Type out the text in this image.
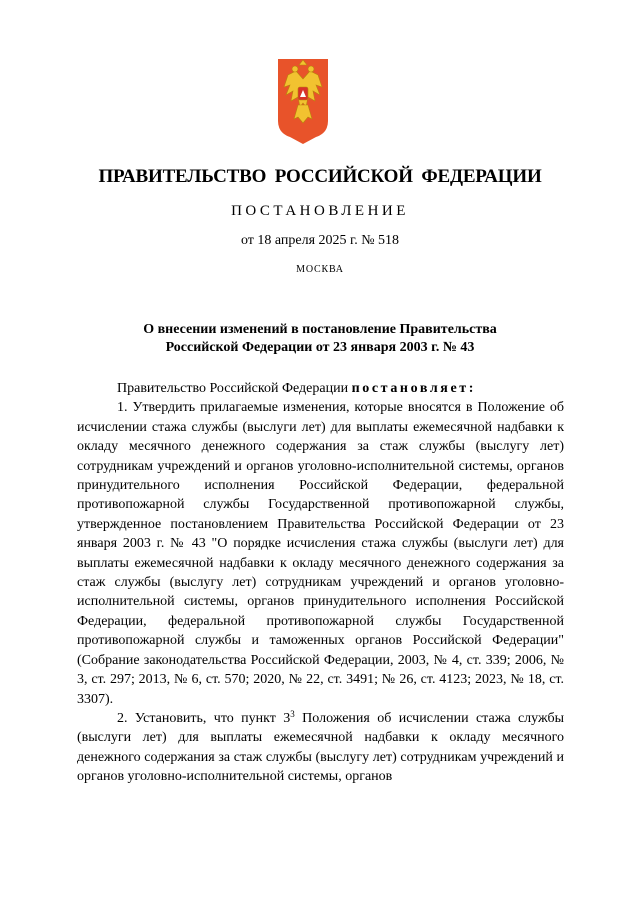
ПРАВИТЕЛЬСТВО РОССИЙСКОЙ ФЕДЕРАЦИИ
ПОСТАНОВЛЕНИЕ
от 18 апреля 2025 г. № 518
МОСКВА
О внесении изменений в постановление Правительства
Российской Федерации от 23 января 2003 г. № 43

Правительство Российской Федерации постановляет:

1. Утвердить прилагаемые изменения, которые вносятся в Положение об исчислении стажа службы (выслуги лет) для выплаты ежемесячной надбавки к окладу месячного денежного содержания за стаж службы (выслугу лет) сотрудникам учреждений и органов уголовно-исполнительной системы, органов принудительного исполнения Российской Федерации, федеральной противопожарной службы Государственной противопожарной службы, утвержденное постановлением Правительства Российской Федерации от 23 января 2003 г. № 43 "О порядке исчисления стажа службы (выслуги лет) для выплаты ежемесячной надбавки к окладу месячного денежного содержания за стаж службы (выслугу лет) сотрудникам учреждений и органов уголовно-исполнительной системы, органов принудительного исполнения Российской Федерации, федеральной противопожарной службы Государственной противопожарной службы и таможенных органов Российской Федерации" (Собрание законодательства Российской Федерации, 2003, № 4, ст. 339; 2006, № 3, ст. 297; 2013, № 6, ст. 570; 2020, № 22, ст. 3491; № 26, ст. 4123; 2023, № 18, ст. 3307).

2. Установить, что пункт $3^3$ Положения об исчислении стажа службы (выслуги лет) для выплаты ежемесячной надбавки к окладу месячного денежного содержания за стаж службы (выслугу лет) сотрудникам учреждений и органов уголовно-исполнительной системы, органов
